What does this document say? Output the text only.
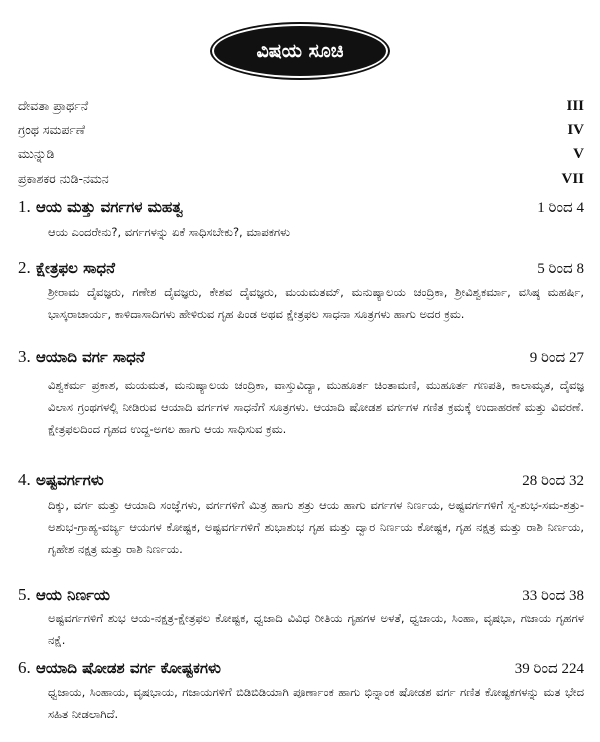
ವಿಷಯ ಸೂಚಿ
ದೇವತಾ ಪ್ರಾರ್ಥನೆ	III
ಗ್ರಂಥ ಸಮರ್ಪಣೆ	IV
ಮುನ್ನುಡಿ	V
ಪ್ರಕಾಶಕರ ನುಡಿ-ನಮನ	VII
1. ಆಯ ಮತ್ತು ವರ್ಗಗಳ ಮಹತ್ವ	1 ರಿಂದ 4
ಆಯ ಎಂದರೇನು?, ವರ್ಗಗಳನ್ನು ಏಕೆ ಸಾಧಿಸಬೇಕು?, ಮಾಪಕಗಳು
2. ಕ್ಷೇತ್ರಫಲ ಸಾಧನೆ	5 ರಿಂದ 8
ಶ್ರೀರಾಮ ದೈವಜ್ಞರು, ಗಣೇಶ ದೈವಜ್ಞರು, ಕೇಶವ ದೈವಜ್ಞರು, ಮಯಮತಮ್, ಮನುಷ್ಯಾಲಯ ಚಂದ್ರಿಕಾ, ಶ್ರೀವಿಶ್ವಕರ್ಮಾ, ವಸಿಷ್ಠ ಮಹರ್ಷಿ, ಭಾಸ್ಕರಾಚಾರ್ಯ, ಕಾಳಿದಾಸಾದಿಗಳು ಹೇಳಿರುವ ಗೃಹ ಪಿಂಡ ಅಥವ ಕ್ಷೇತ್ರಫಲ ಸಾಧನಾ ಸೂತ್ರಗಳು ಹಾಗು ಅದರ ಕ್ರಮ.
3. ಆಯಾದಿ ವರ್ಗ ಸಾಧನೆ	9 ರಿಂದ 27
ವಿಶ್ವಕರ್ಮ ಪ್ರಕಾಶ, ಮಯಮತ, ಮನುಷ್ಯಾಲಯ ಚಂದ್ರಿಕಾ, ವಾಸ್ತುವಿದ್ಯಾ, ಮುಹೂರ್ತ ಚಿಂತಾಮಣಿ, ಮುಹೂರ್ತ ಗಣಪತಿ, ಕಾಲಾಮೃತ, ದೈವಜ್ಞ ವಿಲಾಸ ಗ್ರಂಥಗಳಲ್ಲಿ ನೀಡಿರುವ ಆಯಾದಿ ವರ್ಗಗಳ ಸಾಧನೆಗೆ ಸೂತ್ರಗಳು. ಆಯಾದಿ ಷೋಡಶ ವರ್ಗಗಳ ಗಣಿತ ಕ್ರಮಕ್ಕೆ ಉದಾಹರಣೆ ಮತ್ತು ವಿವರಣೆ. ಕ್ಷೇತ್ರಫಲದಿಂದ ಗೃಹದ ಉದ್ದ-ಅಗಲ ಹಾಗು ಆಯ ಸಾಧಿಸುವ ಕ್ರಮ.
4. ಅಷ್ಟವರ್ಗಗಳು	28 ರಿಂದ 32
ದಿಕ್ಕು, ವರ್ಗ ಮತ್ತು ಆಯಾದಿ ಸಂಜ್ಞೆಗಳು, ವರ್ಗಗಳಿಗೆ ಮಿತ್ರ ಹಾಗು ಶತ್ರು ಆಯ ಹಾಗು ವರ್ಗಗಳ ನಿರ್ಣಯ, ಅಷ್ಟವರ್ಗಗಳಿಗೆ ಸ್ವ-ಶುಭ-ಸಮ-ಶತ್ರು-ಅಶುಭ-ಗ್ರಾಹ್ಯ-ವರ್ಜ್ಯ ಆಯಗಳ ಕೋಷ್ಟಕ, ಅಷ್ಟವರ್ಗಗಳಿಗೆ ಶುಭಾಶುಭ ಗೃಹ ಮತ್ತು ದ್ವಾರ ನಿರ್ಣಯ ಕೋಷ್ಟಕ, ಗೃಹ ನಕ್ಷತ್ರ ಮತ್ತು ರಾಶಿ ನಿರ್ಣಯ, ಗೃಹೇಶ ನಕ್ಷತ್ರ ಮತ್ತು ರಾಶಿ ನಿರ್ಣಯ.
5. ಆಯ ನಿರ್ಣಯ	33 ರಿಂದ 38
ಅಷ್ಟವರ್ಗಗಳಿಗೆ ಶುಭ ಆಯ-ನಕ್ಷತ್ರ-ಕ್ಷೇತ್ರಫಲ ಕೋಷ್ಟಕ, ಧ್ವಜಾದಿ ವಿವಿಧ ರೀತಿಯ ಗೃಹಗಳ ಅಳತೆ, ಧ್ವಜಾಯ, ಸಿಂಹಾ, ವೃಷಭಾ, ಗಜಾಯ ಗೃಹಗಳ ನಕ್ಷೆ.
6. ಆಯಾದಿ ಷೋಡಶ ವರ್ಗ ಕೋಷ್ಟಕಗಳು	39 ರಿಂದ 224
ಧ್ವಜಾಯ, ಸಿಂಹಾಯ, ವೃಷಭಾಯ, ಗಜಾಯಗಳಿಗೆ ಬಿಡಿಬಿಡಿಯಾಗಿ ಪೂರ್ಣಾಂಕ ಹಾಗು ಭಿನ್ನಾಂಕ ಷೋಡಶ ವರ್ಗ ಗಣಿತ ಕೋಷ್ಟಕಗಳನ್ನು ಮತ ಭೇದ ಸಹಿತ ನೀಡಲಾಗಿದೆ.
